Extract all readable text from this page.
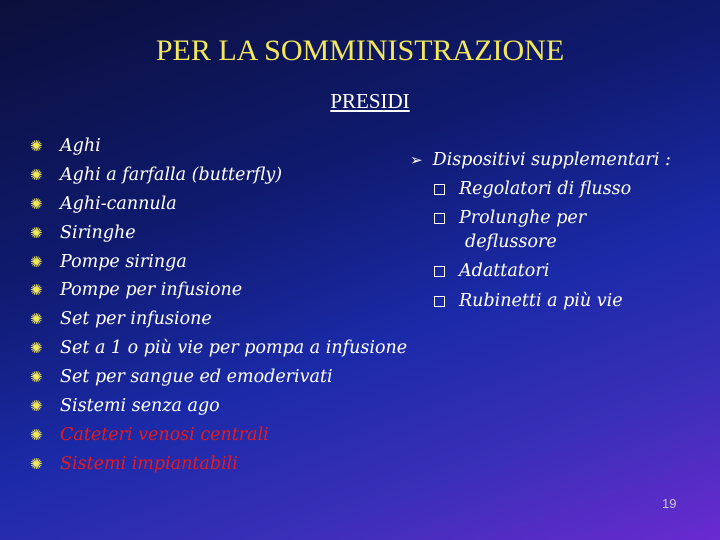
PER LA SOMMINISTRAZIONE
PRESIDI
✺ Aghi
✺ Aghi a farfalla (butterfly)
✺ Aghi-cannula
✺ Siringhe
✺ Pompe siringa
✺ Pompe per infusione
✺ Set per infusione
✺ Set a 1 o più vie per pompa a infusione
✺ Set per sangue ed emoderivati
✺ Sistemi senza ago
✺ Cateteri venosi centrali
✺ Sistemi impiantabili
➢ Dispositivi supplementari :
Regolatori di flusso
Prolunghe per
deflussore
Adattatori
Rubinetti a più vie
19
